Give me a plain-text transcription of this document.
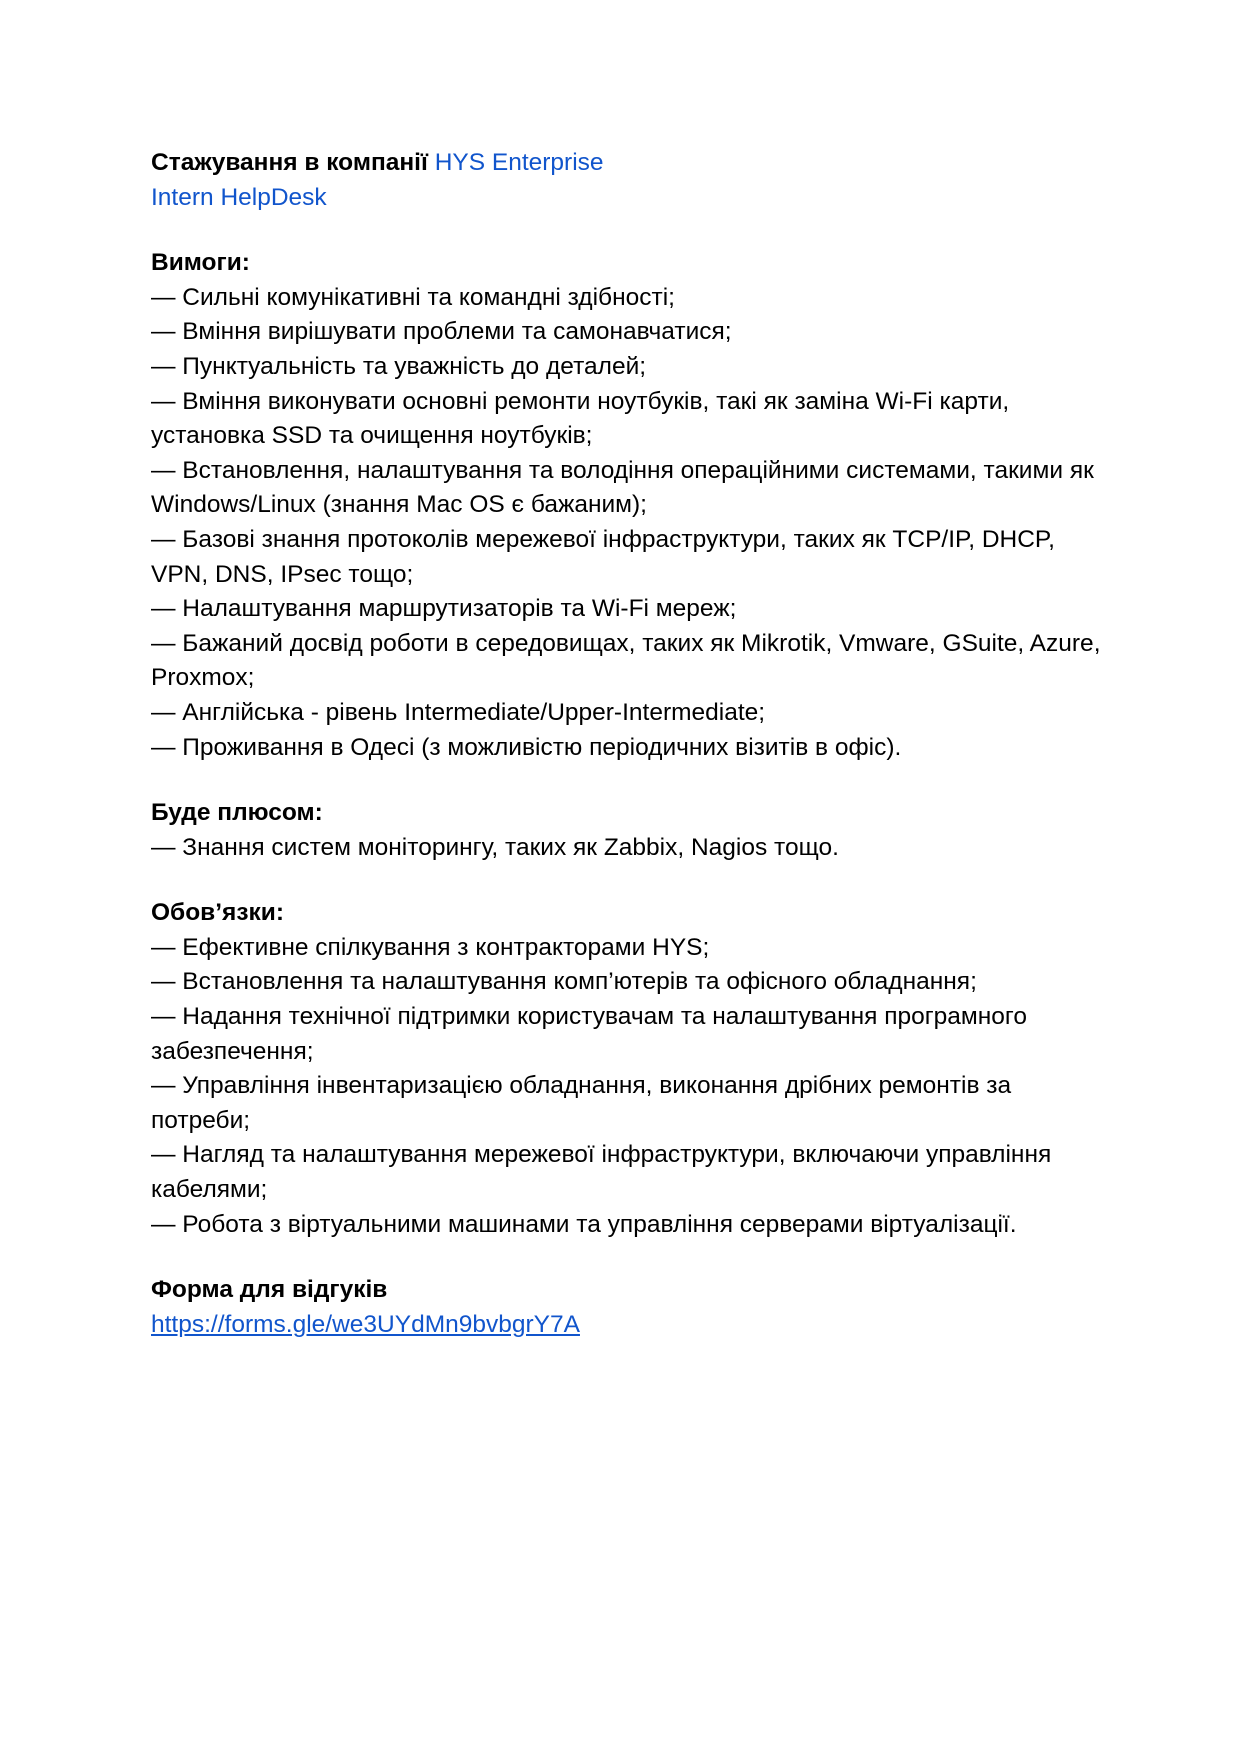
Стажування в компанії HYS Enterprise
Intern HelpDesk
Вимоги:
— Сильні комунікативні та командні здібності;
— Вміння вирішувати проблеми та самонавчатися;
— Пунктуальність та уважність до деталей;
— Вміння виконувати основні ремонти ноутбуків, такі як заміна Wi-Fi карти, установка SSD та очищення ноутбуків;
— Встановлення, налаштування та володіння операційними системами, такими як Windows/Linux (знання Mac OS є бажаним);
— Базові знання протоколів мережевої інфраструктури, таких як TCP/IP, DHCP, VPN, DNS, IPsec тощо;
— Налаштування маршрутизаторів та Wi-Fi мереж;
— Бажаний досвід роботи в середовищах, таких як Mikrotik, Vmware, GSuite, Azure, Proxmox;
— Англійська - рівень Intermediate/Upper-Intermediate;
— Проживання в Одесі (з можливістю періодичних візитів в офіс).
Буде плюсом:
— Знання систем моніторингу, таких як Zabbix, Nagios тощо.
Обов’язки:
— Ефективне спілкування з контракторами HYS;
— Встановлення та налаштування комп’ютерів та офісного обладнання;
— Надання технічної підтримки користувачам та налаштування програмного забезпечення;
— Управління інвентаризацією обладнання, виконання дрібних ремонтів за потреби;
— Нагляд та налаштування мережевої інфраструктури, включаючи управління кабелями;
— Робота з віртуальними машинами та управління серверами віртуалізації.
Форма для відгуків
https://forms.gle/we3UYdMn9bvbgrY7A
